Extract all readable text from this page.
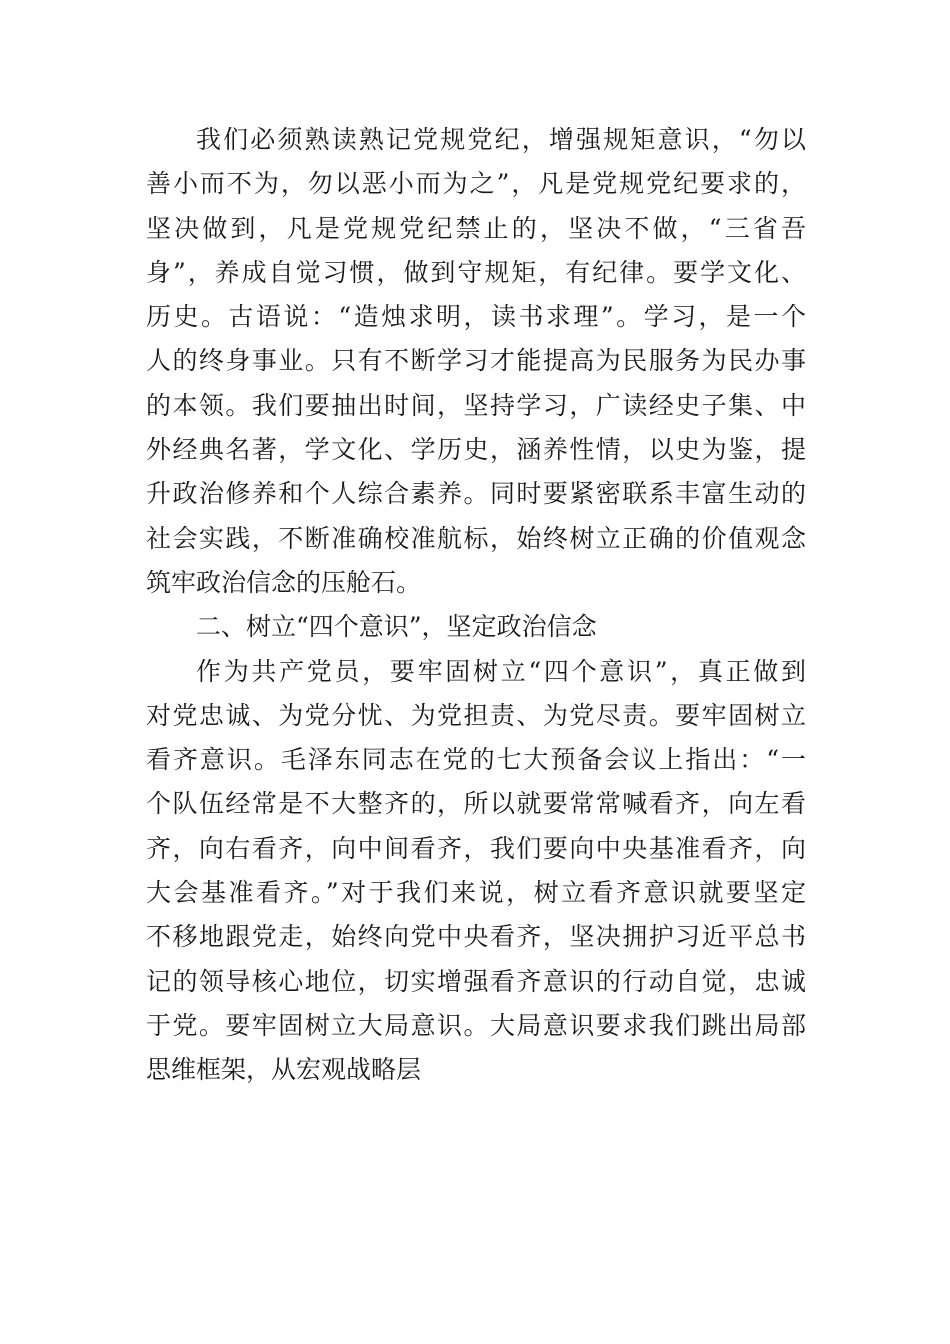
我们必须熟读熟记党规党纪，增强规矩意识，“勿以
善小而不为，勿以恶小而为之”，凡是党规党纪要求的，
坚决做到，凡是党规党纪禁止的，坚决不做，“三省吾
身”，养成自觉习惯，做到守规矩，有纪律。要学文化、
历史。古语说：“造烛求明，读书求理”。学习，是一个
人的终身事业。只有不断学习才能提高为民服务为民办事
的本领。我们要抽出时间，坚持学习，广读经史子集、中
外经典名著，学文化、学历史，涵养性情，以史为鉴，提
升政治修养和个人综合素养。同时要紧密联系丰富生动的
社会实践，不断准确校准航标，始终树立正确的价值观念
筑牢政治信念的压舱石。
二、树立“四个意识”，坚定政治信念
作为共产党员，要牢固树立“四个意识”，真正做到
对党忠诚、为党分忧、为党担责、为党尽责。要牢固树立
看齐意识。毛泽东同志在党的七大预备会议上指出：“一
个队伍经常是不大整齐的，所以就要常常喊看齐，向左看
齐，向右看齐，向中间看齐，我们要向中央基准看齐，向
大会基准看齐。”对于我们来说，树立看齐意识就要坚定
不移地跟党走，始终向党中央看齐，坚决拥护习近平总书
记的领导核心地位，切实增强看齐意识的行动自觉，忠诚
于党。要牢固树立大局意识。大局意识要求我们跳出局部
思维框架，从宏观战略层
